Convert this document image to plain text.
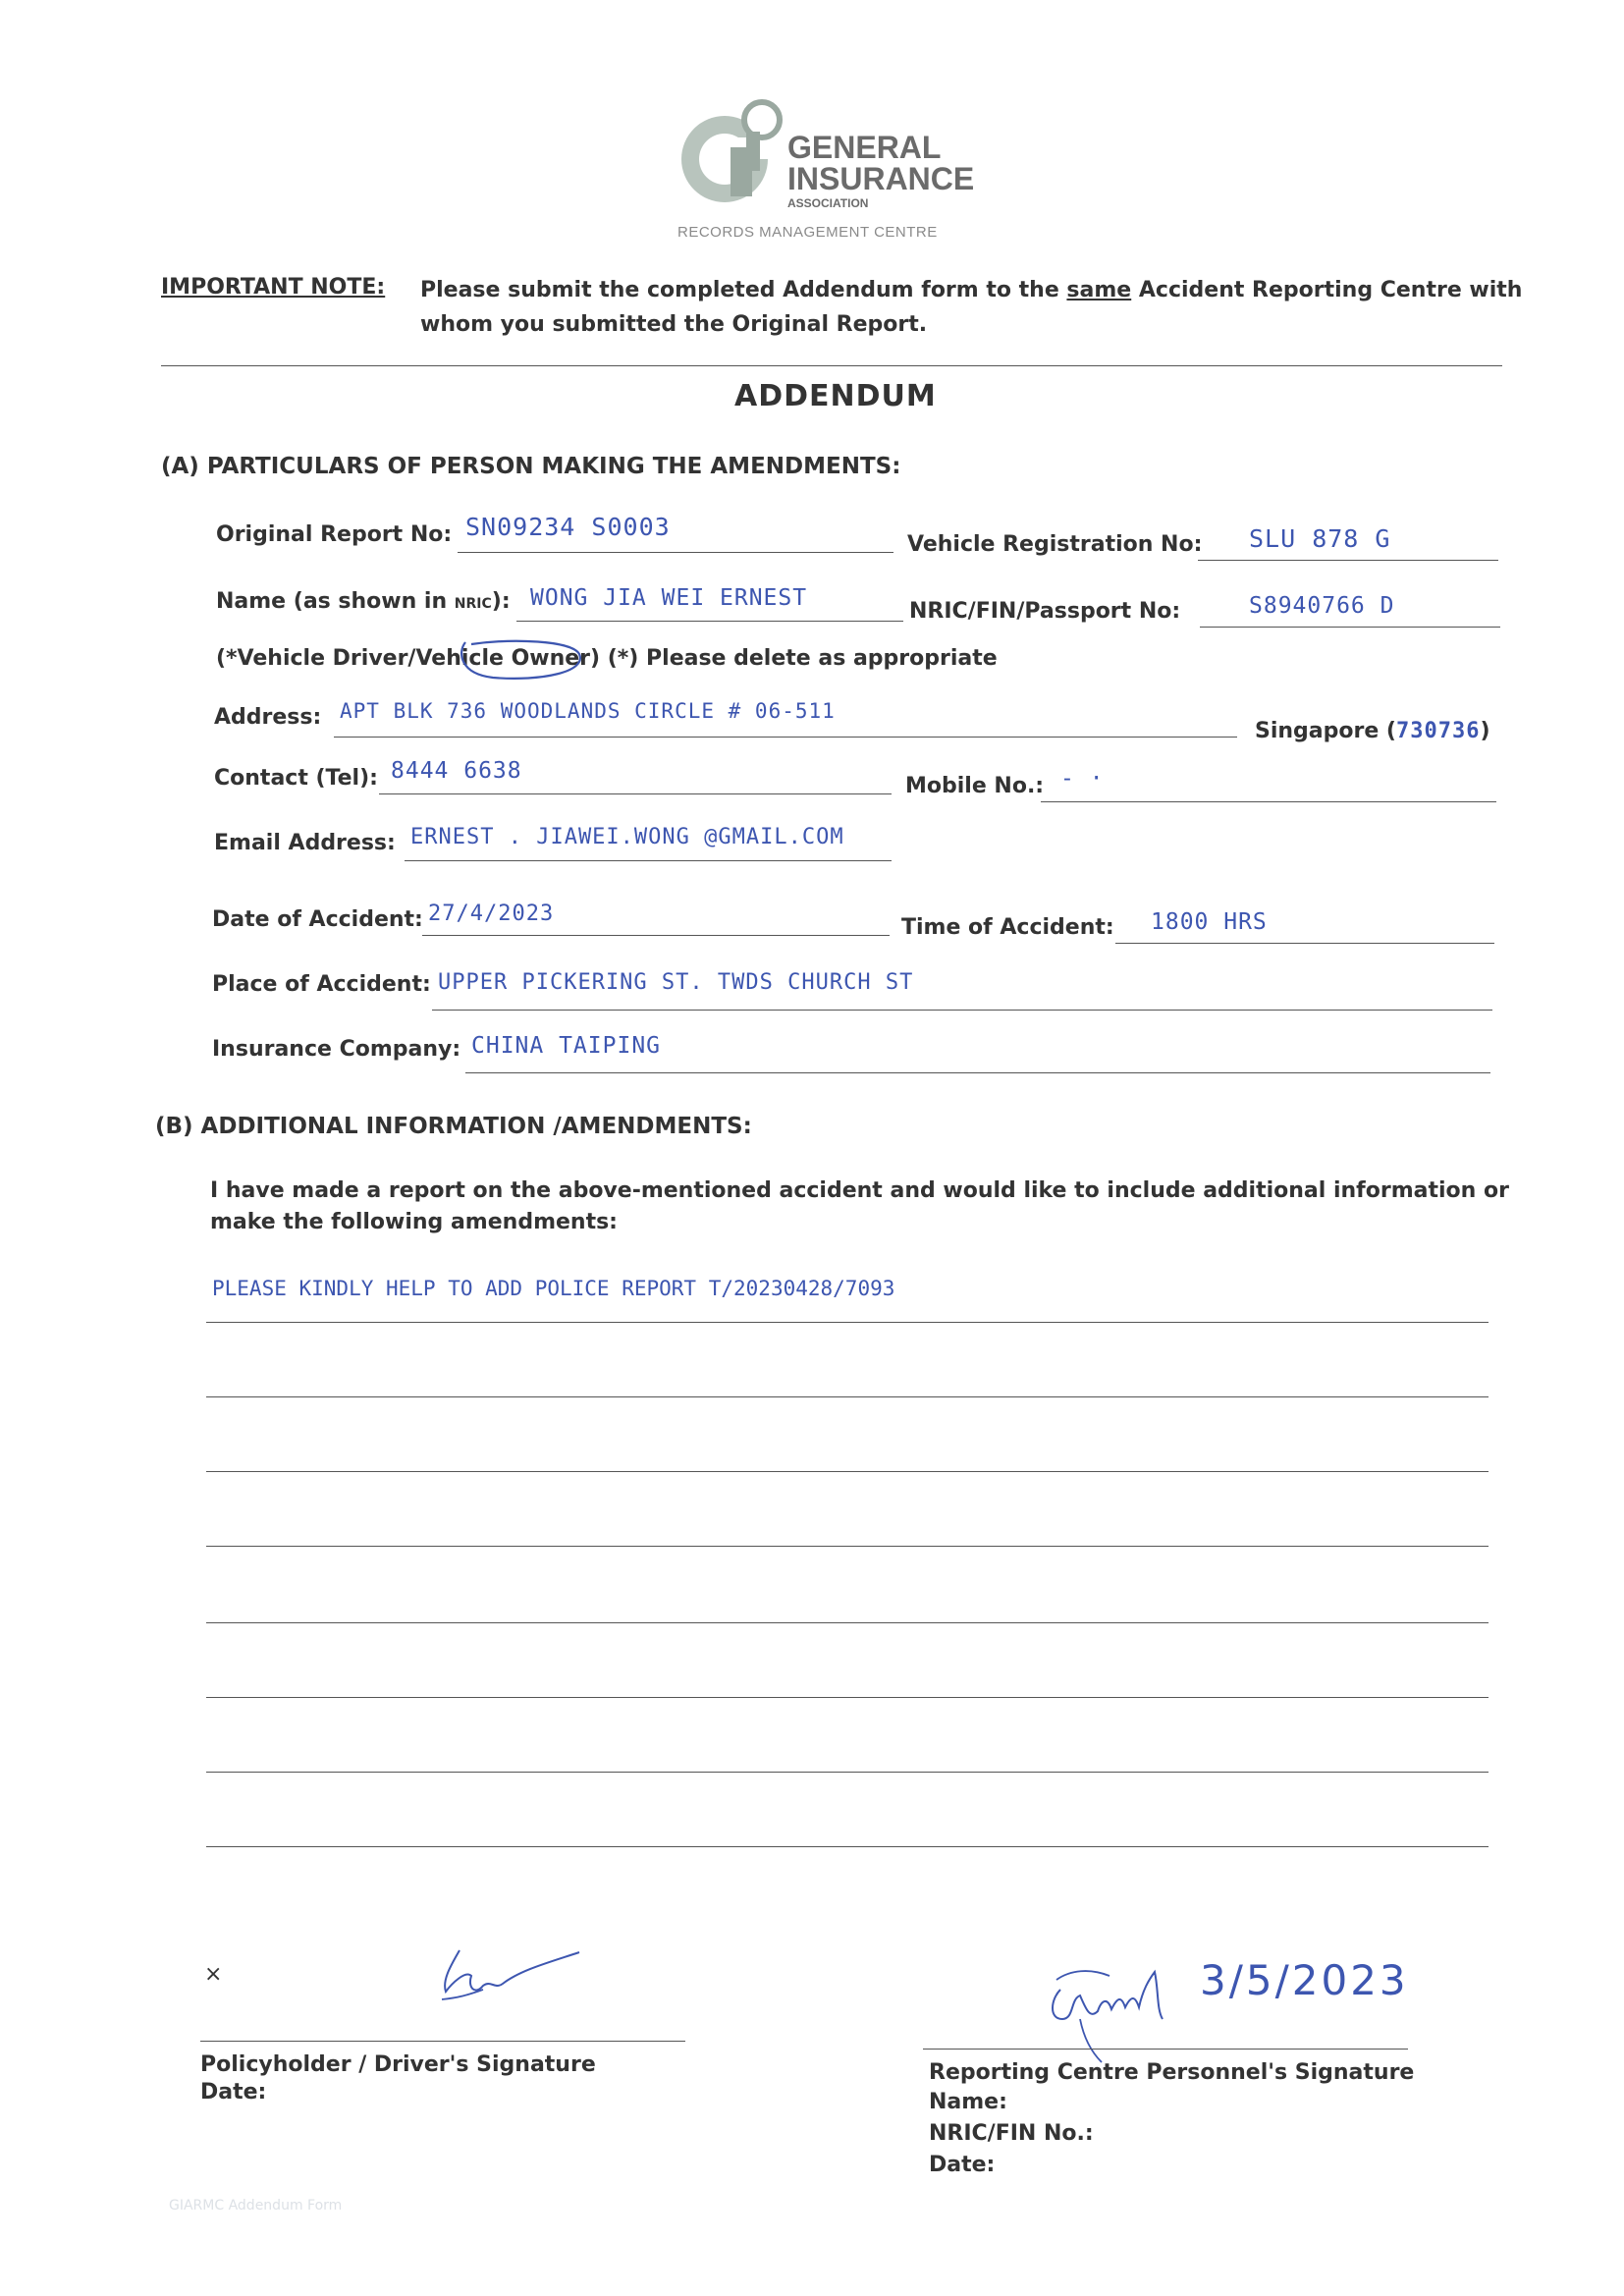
GENERAL
INSURANCE
ASSOCIATION
RECORDS MANAGEMENT CENTRE
IMPORTANT NOTE: Please submit the completed Addendum form to the same Accident Reporting Centre with
whom you submitted the Original Report.
ADDENDUM
(A) PARTICULARS OF PERSON MAKING THE AMENDMENTS:
Original Report No: SN09234 S0003
Vehicle Registration No: SLU 878 G
Name (as shown in NRIC): WONG JIA WEI ERNEST
NRIC/FIN/Passport No:	S8940766 D
(*Vehicle Driver/Vehicle Owner) (*) Please delete as appropriate
Address: APT BLK 736 WOODLANDS CIRCLE # 06-511
Singapore (730736)
Contact (Tel): 8444 6638
Mobile No.: - ·
Email Address: ERNEST . JIAWEI.WONG @GMAIL.COM
Date of Accident: 27/4/2023
Time of Accident: 1800 HRS
Place of Accident: UPPER PICKERING ST. TWDS CHURCH ST
Insurance Company: CHINA TAIPING
(B) ADDITIONAL INFORMATION /AMENDMENTS:
I have made a report on the above-mentioned accident and would like to include additional information or
make the following amendments:
PLEASE KINDLY HELP TO ADD POLICE REPORT T/20230428/7093
×
Policyholder / Driver's Signature
Date:
3/5/2023
Reporting Centre Personnel's Signature
Name:
NRIC/FIN No.:
Date:
GIARMC Addendum Form
